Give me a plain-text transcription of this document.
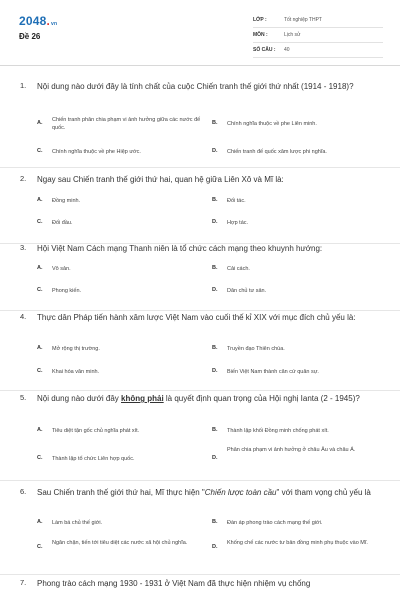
2048.vn
Đề 26
LỚP :	Tốt nghiệp THPT
MÔN :	Lịch sử
SỐ CÂU :	40
1. Nội dung nào dưới đây là tính chất của cuộc Chiến tranh thế giới thứ nhất (1914 - 1918)?
A. Chiến tranh phân chia phạm vi ảnh hưởng giữa các nước đế quốc.
B. Chính nghĩa thuộc về phe Liên minh.
C. Chính nghĩa thuộc về phe Hiệp ước.	D. Chiến tranh đế quốc xâm lược phi nghĩa.
2. Ngay sau Chiến tranh thế giới thứ hai, quan hệ giữa Liên Xô và Mĩ là:
A. Đồng minh.	B. Đối tác.
C. Đối đầu.	D. Hợp tác.
3. Hội Việt Nam Cách mạng Thanh niên là tổ chức cách mạng theo khuynh hướng:
A. Vô sản.	B. Cải cách.
C. Phong kiến.	D. Dân chủ tư sản.
4. Thực dân Pháp tiến hành xâm lược Việt Nam vào cuối thế kỉ XIX với mục đích chủ yếu là:
A. Mở rộng thị trường.	B. Truyền đạo Thiên chúa.
C. Khai hóa văn minh.	D. Biến Việt Nam thành căn cứ quân sự.
5. Nội dung nào dưới đây không phải là quyết định quan trọng của Hội nghị Ianta (2 - 1945)?
A. Tiêu diệt tận gốc chủ nghĩa phát xít.	B. Thành lập khối Đồng minh chống phát xít.
C. Thành lập tổ chức Liên hợp quốc.	D.
Phân chia phạm vi ảnh hưởng ở châu Âu và châu Á.
6. Sau Chiến tranh thế giới thứ hai, Mĩ thực hiện "Chiến lược toàn cầu" với tham vọng chủ yếu là
A. Làm bá chủ thế giới.	B. Đàn áp phong trào cách mạng thế giới.
C.
Ngăn chặn, tiến tới tiêu diệt các nước xã hội chủ nghĩa.
D.
Khống chế các nước tư bản đồng minh phụ thuộc vào Mĩ.
7. Phong trào cách mạng 1930 - 1931 ở Việt Nam đã thực hiện nhiệm vụ chống
